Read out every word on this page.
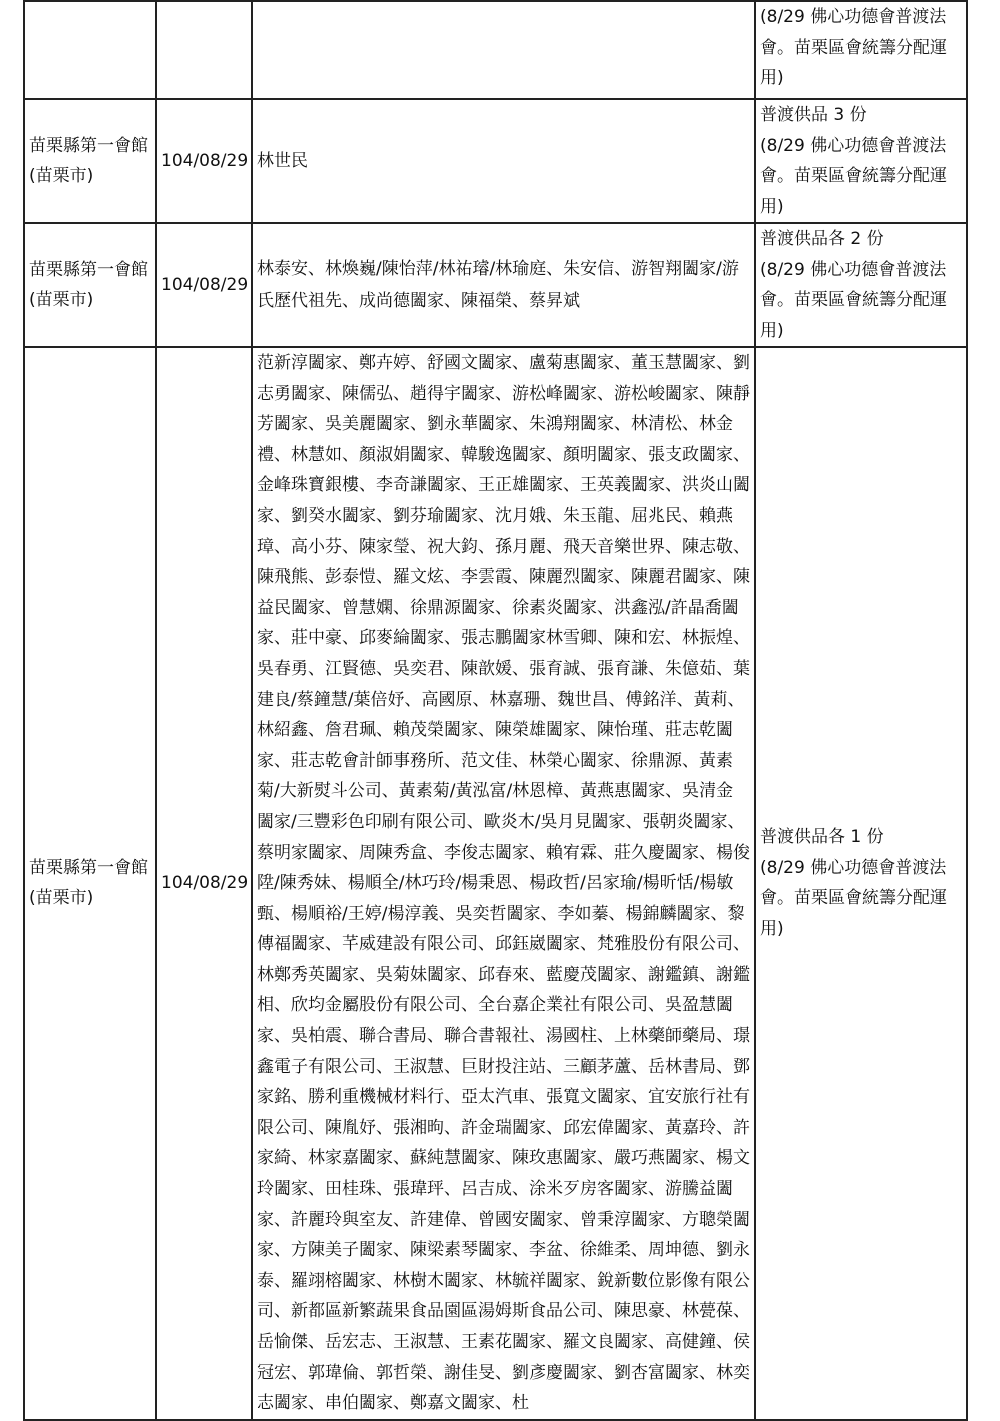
			(8/29 佛心功德會普渡法會。苗栗區會統籌分配運用)

苗栗縣第一會館(苗栗市)	104/08/29	林世民	普渡供品 3 份
(8/29 佛心功德會普渡法會。苗栗區會統籌分配運用)

苗栗縣第一會館(苗栗市)	104/08/29	林泰安、林煥巍/陳怡萍/林祐璿/林瑜庭、朱安信、游智翔闔家/游氏歷代祖先、成尚德闔家、陳福榮、蔡昇斌	普渡供品各 2 份
(8/29 佛心功德會普渡法會。苗栗區會統籌分配運用)

苗栗縣第一會館(苗栗市)	104/08/29	范新淳闔家、鄭卉婷、舒國文闔家、盧菊惠闔家、董玉慧闔家、劉志勇闔家、陳儒弘、趙得宇闔家、游松峰闔家、游松峻闔家、陳靜芳闔家、吳美麗闔家、劉永華闔家、朱鴻翔闔家、林清松、林金禮、林慧如、顏淑娟闔家、韓駿逸闔家、顏明闔家、張支政闔家、金峰珠寶銀樓、李奇謙闔家、王正雄闔家、王英義闔家、洪炎山闔家、劉癸水闔家、劉芬瑜闔家、沈月娥、朱玉龍、屈兆民、賴燕璋、高小芬、陳家瑩、祝大鈞、孫月麗、飛天音樂世界、陳志敬、陳飛熊、彭泰愷、羅文炫、李雲霞、陳麗烈闔家、陳麗君闔家、陳益民闔家、曾慧嫻、徐鼎源闔家、徐素炎闔家、洪鑫泓/許晶喬闔家、莊中豪、邱麥綸闔家、張志鵬闔家林雪卿、陳和宏、林振煌、吳春勇、江賢德、吳奕君、陳歆媛、張育誠、張育謙、朱億茹、葉建良/蔡鐘慧/葉倍妤、高國原、林嘉珊、魏世昌、傅銘洋、黃莉、林紹鑫、詹君珮、賴茂榮闔家、陳榮雄闔家、陳怡瑾、莊志乾闔家、莊志乾會計師事務所、范文佳、林榮心闔家、徐鼎源、黃素菊/大新熨斗公司、黃素菊/黃泓富/林恩樟、黃燕惠闔家、吳清金闔家/三豐彩色印刷有限公司、歐炎木/吳月見闔家、張朝炎闔家、蔡明家闔家、周陳秀盒、李俊志闔家、賴宥霖、莊久慶闔家、楊俊陞/陳秀妹、楊順全/林巧玲/楊秉恩、楊政哲/呂家瑜/楊昕恬/楊敏甄、楊順裕/王婷/楊淳義、吳奕哲闔家、李如蓁、楊錦麟闔家、黎傳福闔家、芊威建設有限公司、邱鈺崴闔家、梵雅股份有限公司、林鄭秀英闔家、吳菊妹闔家、邱春來、藍慶茂闔家、謝鑑鎮、謝鑑相、欣均金屬股份有限公司、全台嘉企業社有限公司、吳盈慧闔家、吳柏震、聯合書局、聯合書報社、湯國柱、上林藥師藥局、璟鑫電子有限公司、王淑慧、巨財投注站、三顧茅蘆、岳林書局、鄧家銘、勝利重機械材料行、亞太汽車、張寬文闔家、宜安旅行社有限公司、陳胤妤、張湘昫、許金瑞闔家、邱宏偉闔家、黃嘉玲、許家綺、林家嘉闔家、蘇純慧闔家、陳玫惠闔家、嚴巧燕闔家、楊文玲闔家、田桂珠、張瑋玶、呂吉成、涂米歹房客闔家、游騰益闔家、許麗玲與室友、許建偉、曾國安闔家、曾秉淳闔家、方聰榮闔家、方陳美子闔家、陳梁素琴闔家、李盆、徐維柔、周坤德、劉永泰、羅翊榕闔家、林樹木闔家、林毓祥闔家、銳新數位影像有限公司、新都區新繁蔬果食品園區湯姆斯食品公司、陳思豪、林甍葆、岳愉傑、岳宏志、王淑慧、王素花闔家、羅文良闔家、高健鐘、侯冠宏、郭瑋倫、郭哲榮、謝佳旻、劉彥慶闔家、劉杏富闔家、林奕志闔家、串伯闔家、鄭嘉文闔家、杜	普渡供品各 1 份
(8/29 佛心功德會普渡法會。苗栗區會統籌分配運用)
